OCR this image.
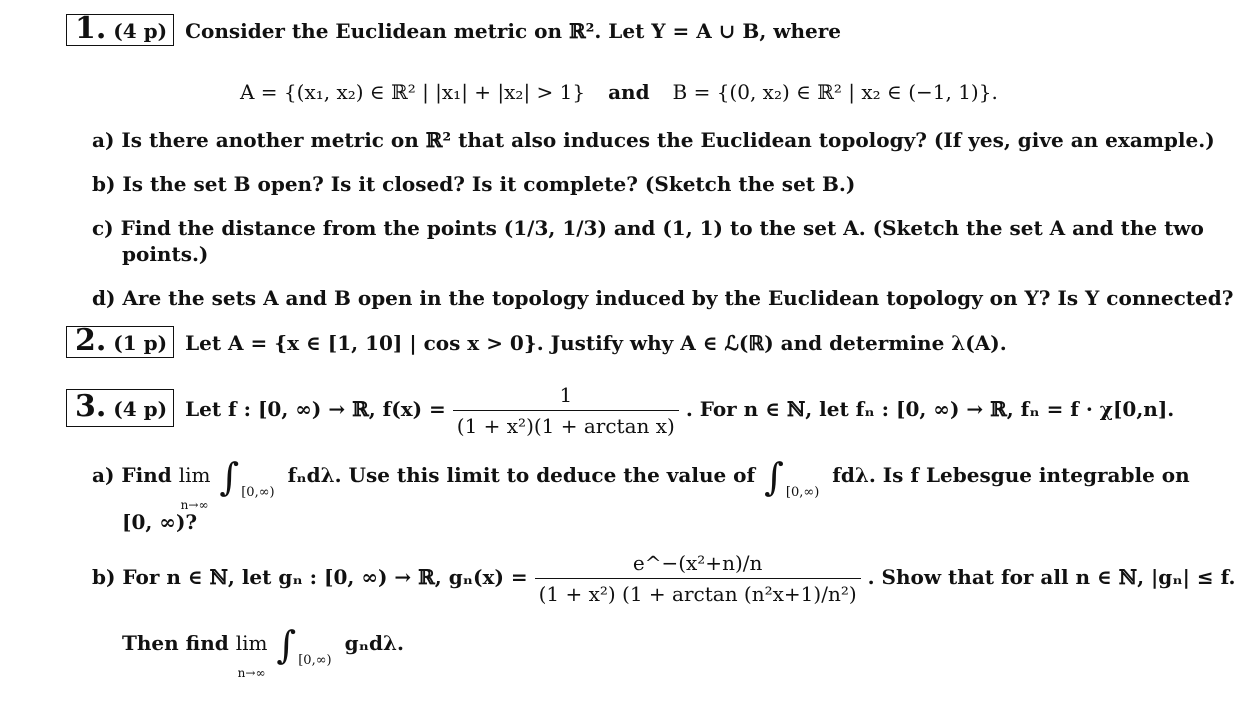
1. (4 p) Consider the Euclidean metric on ℝ². Let Y = A ∪ B, where
A = {(x₁, x₂) ∈ ℝ² | |x₁| + |x₂| > 1} and B = {(0, x₂) ∈ ℝ² | x₂ ∈ (−1, 1)}.
a) Is there another metric on ℝ² that also induces the Euclidean topology? (If yes, give an example.)
b) Is the set B open? Is it closed? Is it complete? (Sketch the set B.)
c) Find the distance from the points (1/3, 1/3) and (1, 1) to the set A. (Sketch the set A and the two
points.)
d) Are the sets A and B open in the topology induced by the Euclidean topology on Y? Is Y connected?
2. (1 p) Let A = {x ∈ [1, 10] | cos x > 0}. Justify why A ∈ ℒ(ℝ) and determine λ(A).
3. (4 p) Let f : [0, ∞) → ℝ, $f(x) = \frac{1}{\text{(1 + x²)(1 + arctan x)}}$ . For n ∈ ℕ, let fₙ : [0, ∞) → ℝ, fₙ = f · χ[0,n].
a) Find lim
n→∞
∫ $_{[0,\infty)}$ fₙdλ. Use this limit to deduce the value of ∫ $_{[0,\infty)}$ fdλ. Is f Lebesgue integrable on
[0, ∞)?
b) For n ∈ ℕ, let gₙ : [0, ∞) → ℝ, $g_n(x) = \frac{\text{e\textasciicircum{}−(x²+n)/n}}{\text{(1 + x²) (1 + arctan (n²x+1)/n²)}}$ . Show that for all n ∈ ℕ, |gₙ| ≤ f.
Then find lim
n→∞
∫ $_{[0,\infty)}$ gₙdλ.
